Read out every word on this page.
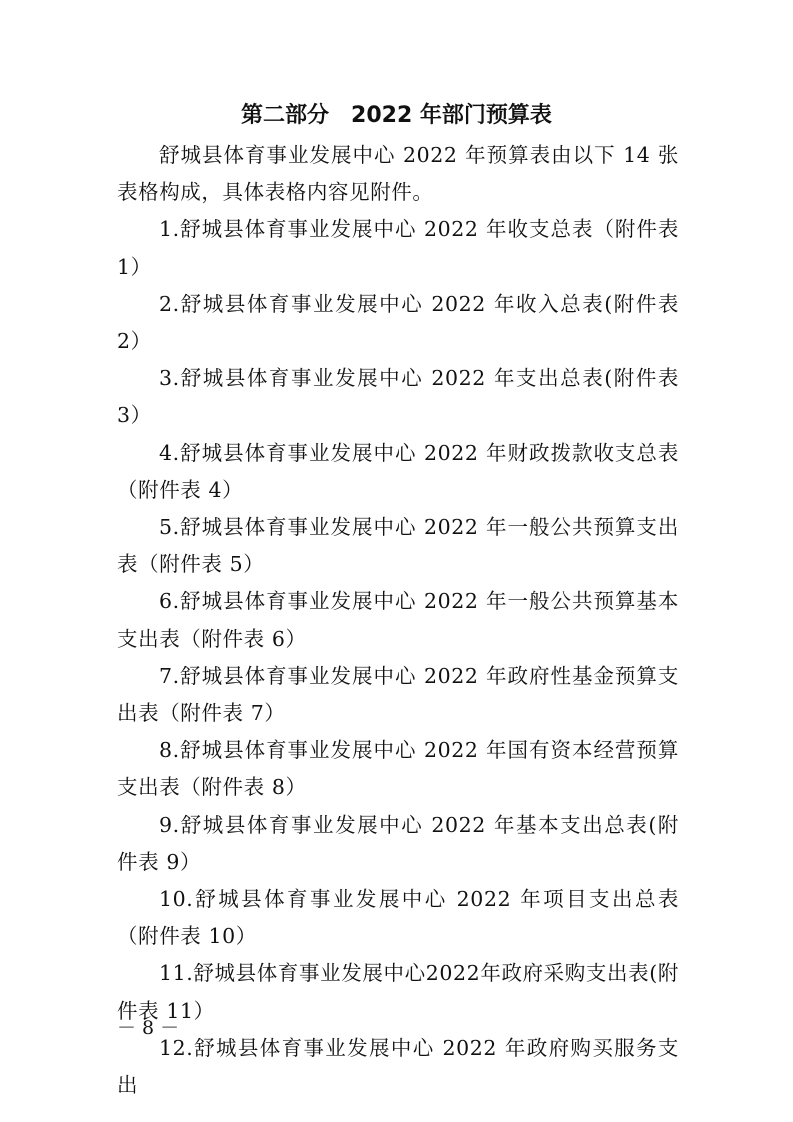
第二部分　2022 年部门预算表

舒城县体育事业发展中心 2022 年预算表由以下 14 张表格构成，具体表格内容见附件。

1.舒城县体育事业发展中心 2022 年收支总表（附件表 1）

2.舒城县体育事业发展中心 2022 年收入总表(附件表 2）

3.舒城县体育事业发展中心 2022 年支出总表(附件表 3）

4.舒城县体育事业发展中心 2022 年财政拨款收支总表（附件表 4）

5.舒城县体育事业发展中心 2022 年一般公共预算支出表（附件表 5）

6.舒城县体育事业发展中心 2022 年一般公共预算基本支出表（附件表 6）

7.舒城县体育事业发展中心 2022 年政府性基金预算支出表（附件表 7）

8.舒城县体育事业发展中心 2022 年国有资本经营预算支出表（附件表 8）

9.舒城县体育事业发展中心 2022 年基本支出总表(附件表 9）

10.舒城县体育事业发展中心 2022 年项目支出总表（附件表 10）

11.舒城县体育事业发展中心2022年政府采购支出表(附件表 11）

12.舒城县体育事业发展中心 2022 年政府购买服务支出

－ 8 －
